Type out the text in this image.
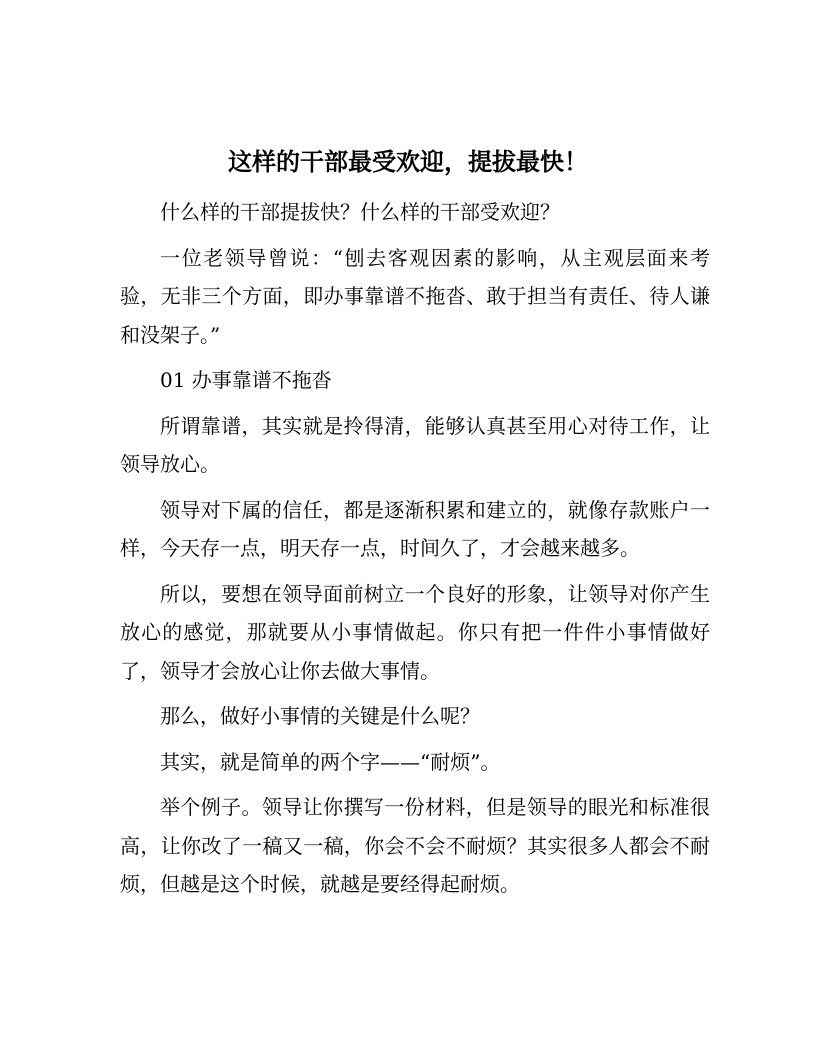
这样的干部最受欢迎，提拔最快！

什么样的干部提拔快？什么样的干部受欢迎？

一位老领导曾说：“刨去客观因素的影响，从主观层面来考验，无非三个方面，即办事靠谱不拖沓、敢于担当有责任、待人谦和没架子。”

01 办事靠谱不拖沓

所谓靠谱，其实就是拎得清，能够认真甚至用心对待工作，让领导放心。

领导对下属的信任，都是逐渐积累和建立的，就像存款账户一样，今天存一点，明天存一点，时间久了，才会越来越多。

所以，要想在领导面前树立一个良好的形象，让领导对你产生放心的感觉，那就要从小事情做起。你只有把一件件小事情做好了，领导才会放心让你去做大事情。

那么，做好小事情的关键是什么呢？

其实，就是简单的两个字——“耐烦”。

举个例子。领导让你撰写一份材料，但是领导的眼光和标准很高，让你改了一稿又一稿，你会不会不耐烦？其实很多人都会不耐烦，但越是这个时候，就越是要经得起耐烦。
